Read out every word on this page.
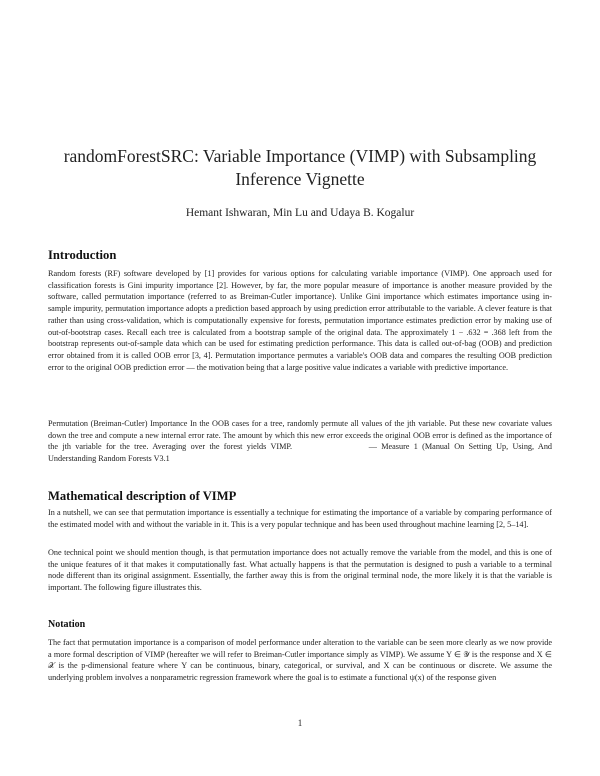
randomForestSRC: Variable Importance (VIMP) with Subsampling Inference Vignette
Hemant Ishwaran, Min Lu and Udaya B. Kogalur
Introduction

Random forests (RF) software developed by [1] provides for various options for calculating variable importance (VIMP). One approach used for classification forests is Gini impurity importance [2]. However, by far, the more popular measure of importance is another measure provided by the software, called permutation importance (referred to as Breiman-Cutler importance). Unlike Gini importance which estimates importance using in-sample impurity, permutation importance adopts a prediction based approach by using prediction error attributable to the variable. A clever feature is that rather than using cross-validation, which is computationally expensive for forests, permutation importance estimates prediction error by making use of out-of-bootstrap cases. Recall each tree is calculated from a bootstrap sample of the original data. The approximately 1 − .632 = .368 left from the bootstrap represents out-of-sample data which can be used for estimating prediction performance. This data is called out-of-bag (OOB) and prediction error obtained from it is called OOB error [3, 4]. Permutation importance permutes a variable's OOB data and compares the resulting OOB prediction error to the original OOB prediction error — the motivation being that a large positive value indicates a variable with predictive importance.

Permutation (Breiman-Cutler) Importance In the OOB cases for a tree, randomly permute all values of the jth variable. Put these new covariate values down the tree and compute a new internal error rate. The amount by which this new error exceeds the original OOB error is defined as the importance of the jth variable for the tree. Averaging over the forest yields VIMP.	— Measure 1 (Manual On Setting Up, Using, And Understanding Random Forests V3.1

Mathematical description of VIMP

In a nutshell, we can see that permutation importance is essentially a technique for estimating the importance of a variable by comparing performance of the estimated model with and without the variable in it. This is a very popular technique and has been used throughout machine learning [2, 5–14].

One technical point we should mention though, is that permutation importance does not actually remove the variable from the model, and this is one of the unique features of it that makes it computationally fast. What actually happens is that the permutation is designed to push a variable to a terminal node different than its original assignment. Essentially, the farther away this is from the original terminal node, the more likely it is that the variable is important. The following figure illustrates this.

Notation

The fact that permutation importance is a comparison of model performance under alteration to the variable can be seen more clearly as we now provide a more formal description of VIMP (hereafter we will refer to Breiman-Cutler importance simply as VIMP). We assume Y ∈ 𝒴 is the response and X ∈ 𝒳 is the p-dimensional feature where Y can be continuous, binary, categorical, or survival, and X can be continuous or discrete. We assume the underlying problem involves a nonparametric regression framework where the goal is to estimate a functional ψ(x) of the response given

1
